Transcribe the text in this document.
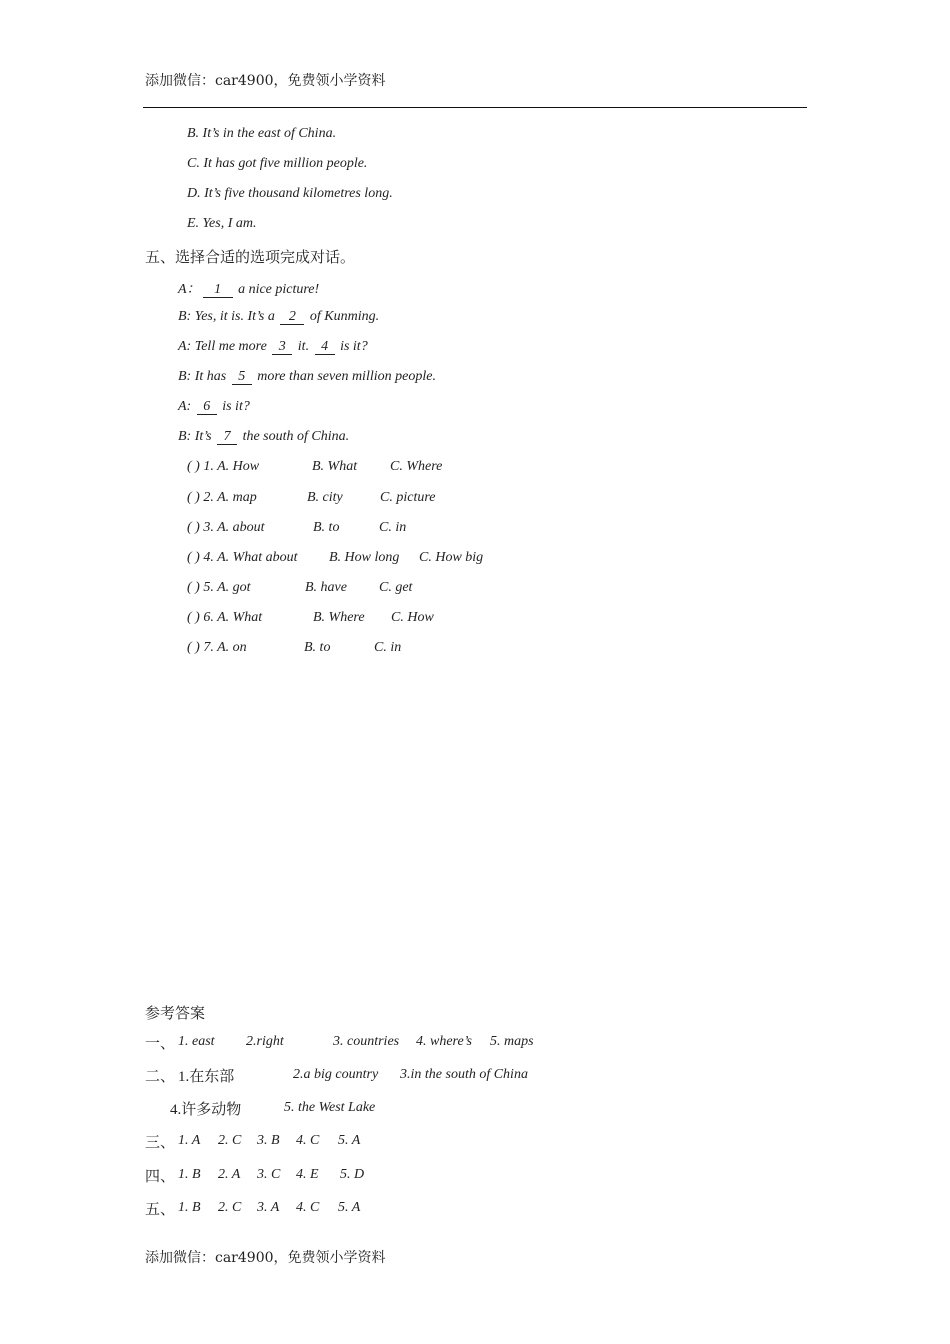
添加微信：car4900，免费领小学资料
B. It’s in the east of China.
C. It has got five million people.
D. It’s five thousand kilometres long.
E. Yes, I am.
五、选择合适的选项完成对话。
A： 1 a nice picture!
B: Yes, it is. It’s a 2 of Kunming.
A: Tell me more 3 it. 4 is it?
B: It has 5 more than seven million people.
A: 6 is it?
B: It’s 7 the south of China.
( ) 1. A. How	B. What C. Where
( ) 2. A. map	B. city	C. picture
( ) 3. A. about	B. to	C. in
( ) 4. A. What about B. How long C. How big
( ) 5. A. got	B. have C. get
( ) 6. A. What	B. Where C. How
( ) 7. A. on	B. to	C. in
参考答案
一、 1. east 2.right	3. countries 4. where’s 5. maps
二、 1.在东部	2.a big country 3.in the south of China
4.许多动物	5. the West Lake
三、 1. A 2. C 3. B 4. C 5. A
四、 1. B 2. A 3. C 4. E 5. D
五、 1. B 2. C 3. A 4. C 5. A
添加微信：car4900，免费领小学资料
